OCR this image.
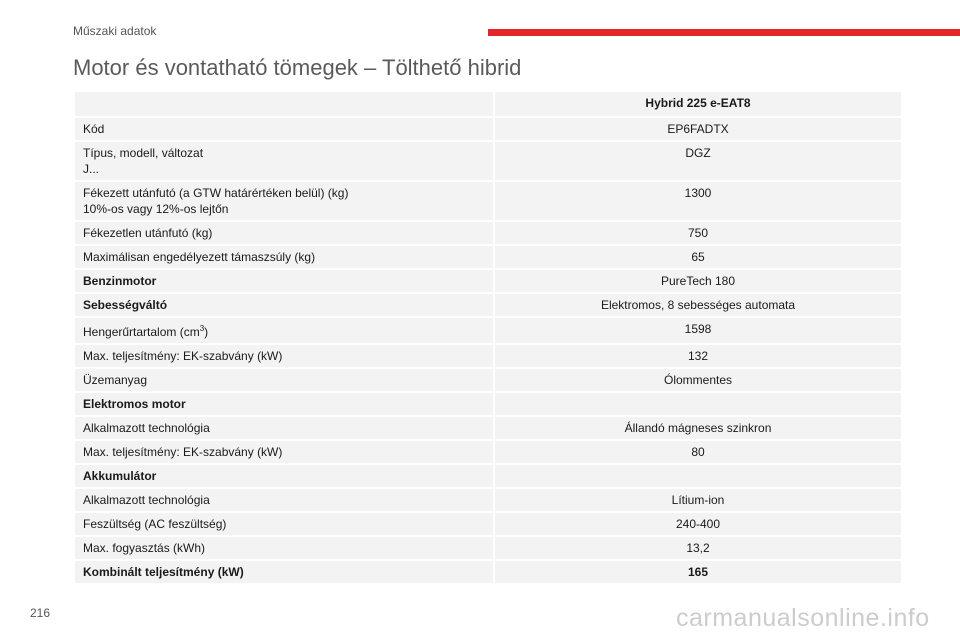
Műszaki adatok
Motor és vontatható tömegek – Tölthető hibrid
	Hybrid 225 e-EAT8
Kód	EP6FADTX

Típus, modell, változat
J...	DGZ

Fékezett utánfutó (a GTW határértéken belül) (kg)
10%-os vagy 12%-os lejtőn	1300
Fékezetlen utánfutó (kg)	750
Maximálisan engedélyezett támaszsúly (kg)	65
Benzinmotor	PureTech 180
Sebességváltó	Elektromos, 8 sebességes automata
Hengerűrtartalom $(cm^3)$	1598
Max. teljesítmény: EK-szabvány (kW)	132
Üzemanyag	Ólommentes
Elektromos motor	
Alkalmazott technológia	Állandó mágneses szinkron
Max. teljesítmény: EK-szabvány (kW)	80
Akkumulátor	
Alkalmazott technológia	Lítium-ion
Feszültség (AC feszültség)	240-400
Max. fogyasztás (kWh)	13,2
Kombinált teljesítmény (kW)	165
216	carmanualsonline.info
